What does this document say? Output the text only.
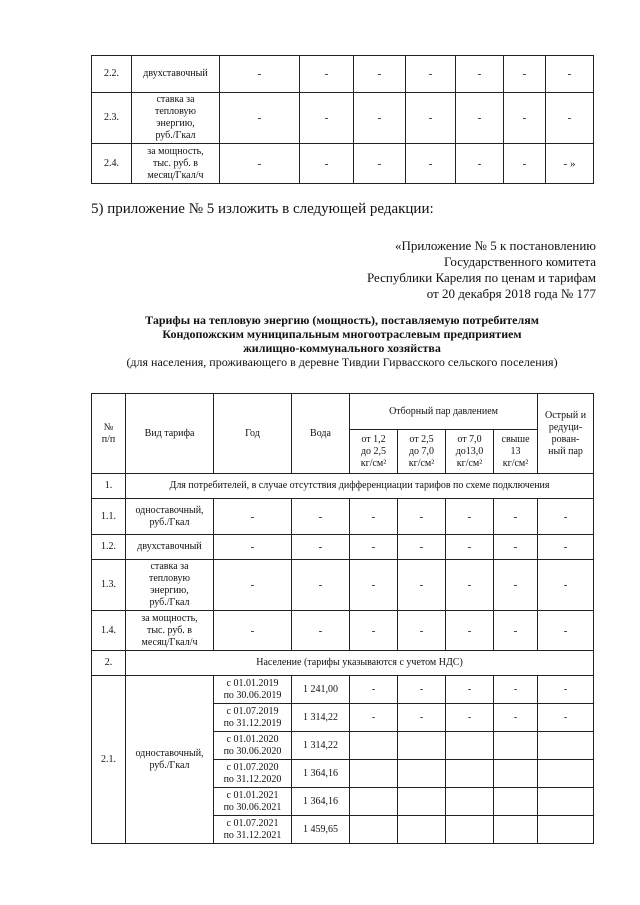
2.2.	двухставочный	-	-	-	-	-	-	-
2.3.	ставка за
тепловую
энергию,
руб./Гкал	-	-	-	-	-	-	-
2.4.	за мощность,
тыс. руб. в
месяц/Гкал/ч	-	-	-	-	-	-	- »
5) приложение № 5 изложить в следующей редакции:
«Приложение № 5 к постановлению
Государственного комитета
Республики Карелия по ценам и тарифам
от 20 декабря 2018 года № 177
Тарифы на тепловую энергию (мощность), поставляемую потребителям
Кондопожским муниципальным многоотраслевым предприятием
жилищно-коммунального хозяйства
(для населения, проживающего в деревне Тивдии Гирвасского сельского поселения)
№
п/п	Вид тарифа	Год	Вода	Отборный пар давлением				Острый и
редуци-
рован-
ный пар
				от 1,2
до 2,5
кг/см²	от 2,5
до 7,0
кг/см²	от 7,0
до13,0
кг/см²	свыше
13
кг/см²	
1.	Для потребителей, в случае отсутствия дифференциации тарифов по схеме подключения							
1.1.	одноставочный,
руб./Гкал	-	-	-	-	-	-	-
1.2.	двухставочный	-	-	-	-	-	-	-
1.3.	ставка за
тепловую
энергию,
руб./Гкал	-	-	-	-	-	-	-
1.4.	за мощность,
тыс. руб. в
месяц/Гкал/ч	-	-	-	-	-	-	-
2.	Население (тарифы указываются с учетом НДС)							
2.1.	одноставочный,
руб./Гкал	с 01.01.2019
по 30.06.2019	1 241,00	-	-	-	-	-
		с 01.07.2019
по 31.12.2019	1 314,22	-	-	-	-	-
		с 01.01.2020
по 30.06.2020	1 314,22					
		с 01.07.2020
по 31.12.2020	1 364,16					
		с 01.01.2021
по 30.06.2021	1 364,16					
		с 01.07.2021
по 31.12.2021	1 459,65					
